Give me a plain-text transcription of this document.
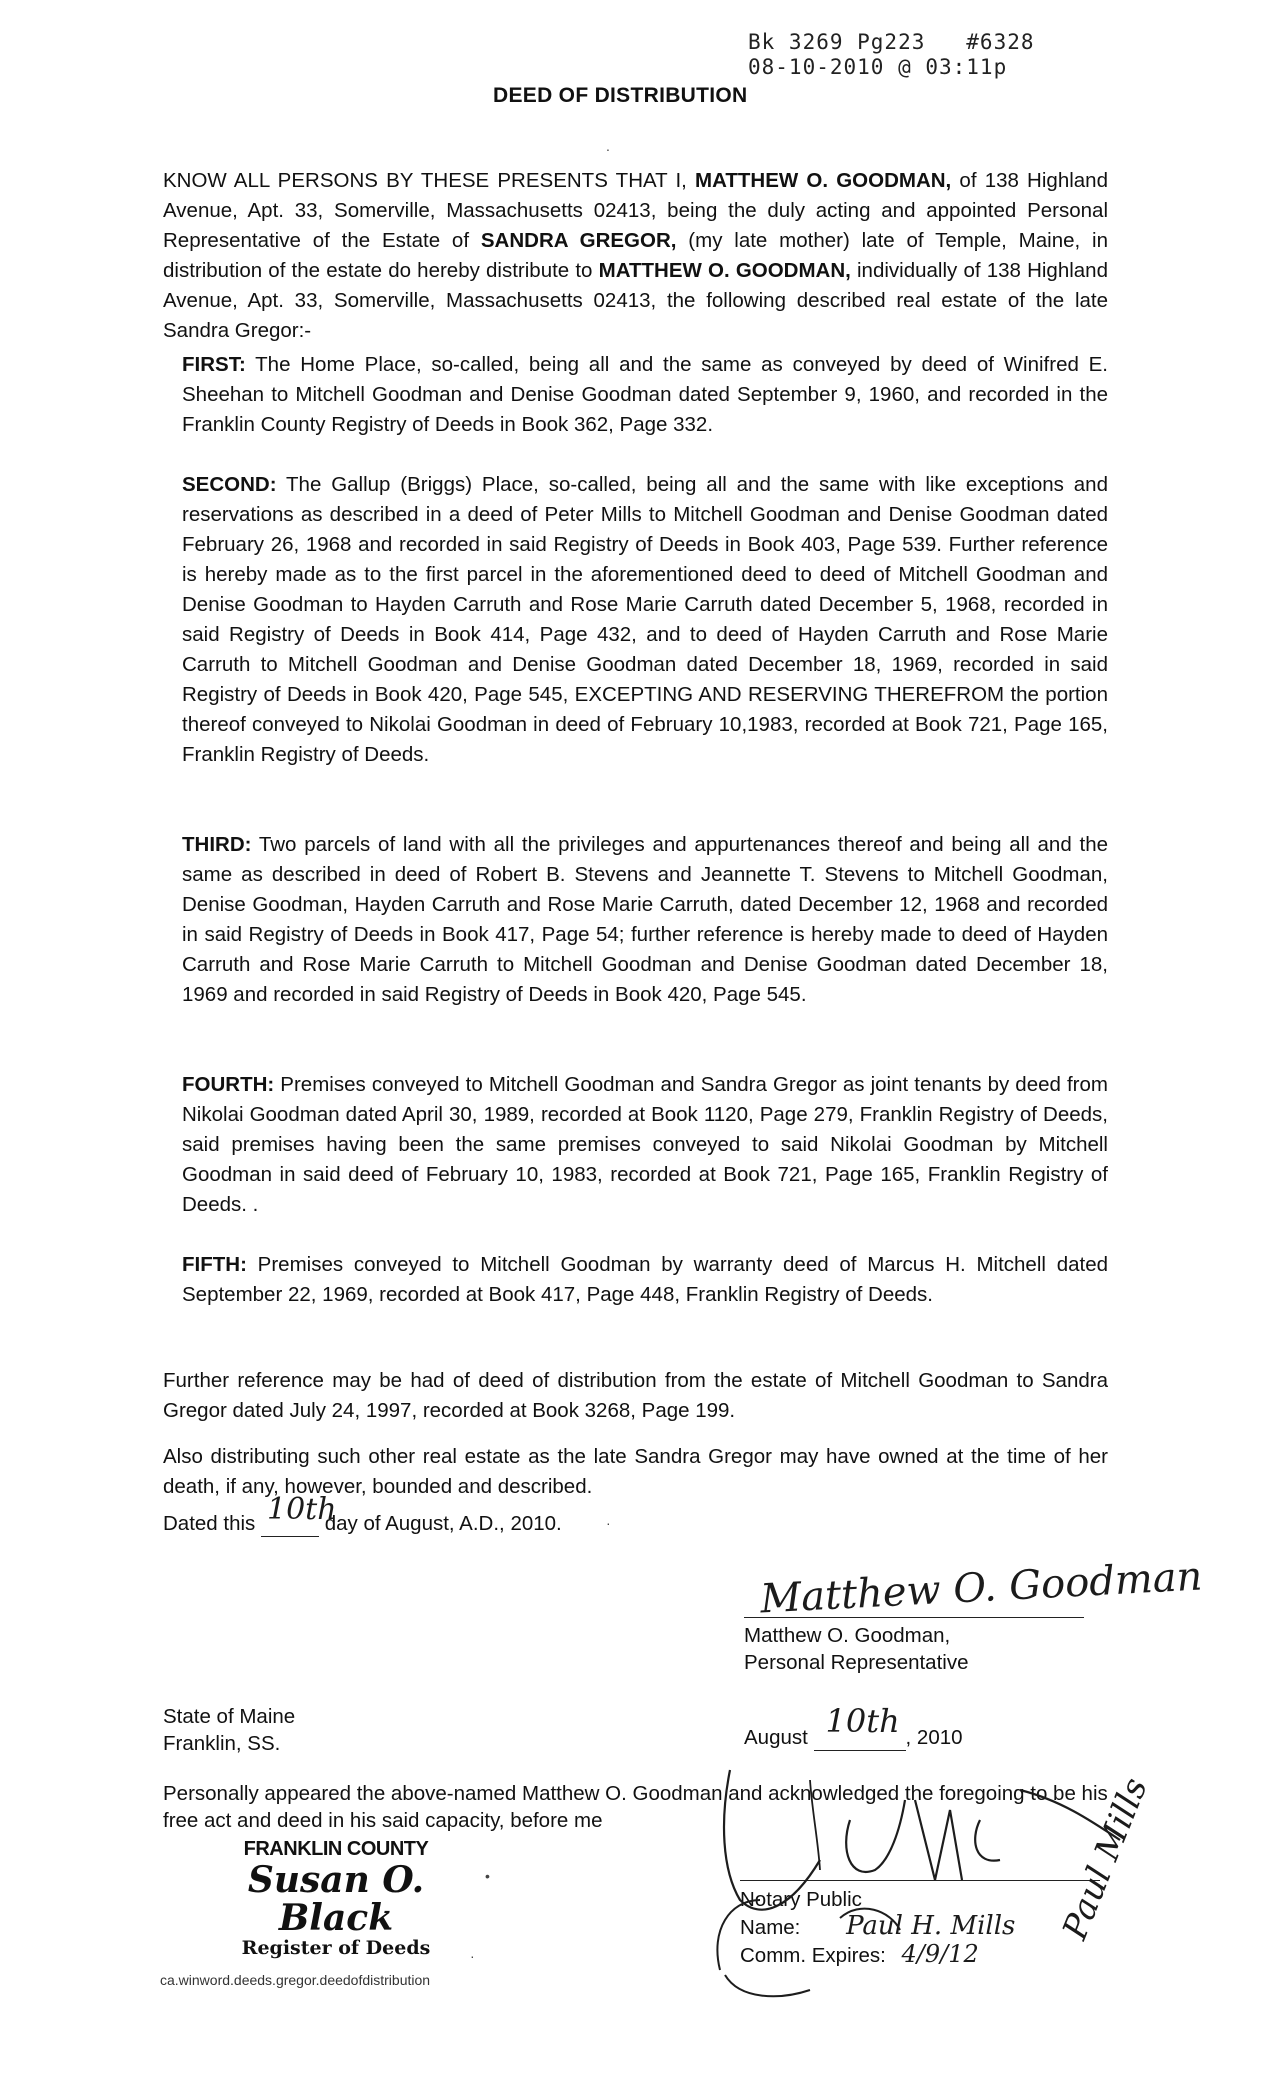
Bk 3269 Pg223   #6328
08-10-2010 @ 03:11p
DEED OF DISTRIBUTION
.
KNOW ALL PERSONS BY THESE PRESENTS THAT I, MATTHEW O. GOODMAN, of 138 Highland Avenue, Apt. 33, Somerville, Massachusetts 02413, being the duly acting and appointed Personal Representative of the Estate of SANDRA GREGOR, (my late mother) late of Temple, Maine, in distribution of the estate do hereby distribute to MATTHEW O. GOODMAN, individually of 138 Highland Avenue, Apt. 33, Somerville, Massachusetts 02413, the following described real estate of the late Sandra Gregor:-
FIRST: The Home Place, so-called, being all and the same as conveyed by deed of Winifred E. Sheehan to Mitchell Goodman and Denise Goodman dated September 9, 1960, and recorded in the Franklin County Registry of Deeds in Book 362, Page 332.
SECOND: The Gallup (Briggs) Place, so-called, being all and the same with like exceptions and reservations as described in a deed of Peter Mills to Mitchell Goodman and Denise Goodman dated February 26, 1968 and recorded in said Registry of Deeds in Book 403, Page 539. Further reference is hereby made as to the first parcel in the aforementioned deed to deed of Mitchell Goodman and Denise Goodman to Hayden Carruth and Rose Marie Carruth dated December 5, 1968, recorded in said Registry of Deeds in Book 414, Page 432, and to deed of Hayden Carruth and Rose Marie Carruth to Mitchell Goodman and Denise Goodman dated December 18, 1969, recorded in said Registry of Deeds in Book 420, Page 545, EXCEPTING AND RESERVING THEREFROM the portion thereof conveyed to Nikolai Goodman in deed of February 10,1983, recorded at Book 721, Page 165, Franklin Registry of Deeds.
THIRD: Two parcels of land with all the privileges and appurtenances thereof and being all and the same as described in deed of Robert B. Stevens and Jeannette T. Stevens to Mitchell Goodman, Denise Goodman, Hayden Carruth and Rose Marie Carruth, dated December 12, 1968 and recorded in said Registry of Deeds in Book 417, Page 54; further reference is hereby made to deed of Hayden Carruth and Rose Marie Carruth to Mitchell Goodman and Denise Goodman dated December 18, 1969 and recorded in said Registry of Deeds in Book 420, Page 545.
FOURTH: Premises conveyed to Mitchell Goodman and Sandra Gregor as joint tenants by deed from Nikolai Goodman dated April 30, 1989, recorded at Book 1120, Page 279, Franklin Registry of Deeds, said premises having been the same premises conveyed to said Nikolai Goodman by Mitchell Goodman in said deed of February 10, 1983, recorded at Book 721, Page 165, Franklin Registry of Deeds. .
FIFTH: Premises conveyed to Mitchell Goodman by warranty deed of Marcus H. Mitchell dated September 22, 1969, recorded at Book 417, Page 448, Franklin Registry of Deeds.
Further reference may be had of deed of distribution from the estate of Mitchell Goodman to Sandra Gregor dated July 24, 1997, recorded at Book 3268, Page 199.
Also distributing such other real estate as the late Sandra Gregor may have owned at the time of her death, if any, however, bounded and described.
Dated this 10th
day of August, A.D., 2010.	·
Matthew O. Goodman
Matthew O. Goodman,
Personal Representative
State of Maine
Franklin, SS.	August 10th , 2010
Personally appeared the above-named Matthew O. Goodman and acknowledged the foregoing to be his free act and deed in his said capacity, before me
Notary Public
Name: Paul H. Mills
Comm. Expires: 4/9/12
Paul Mills
FRANKLIN COUNTY
Susan O. Black
Register of Deeds
•
·
ca.winword.deeds.gregor.deedofdistribution
